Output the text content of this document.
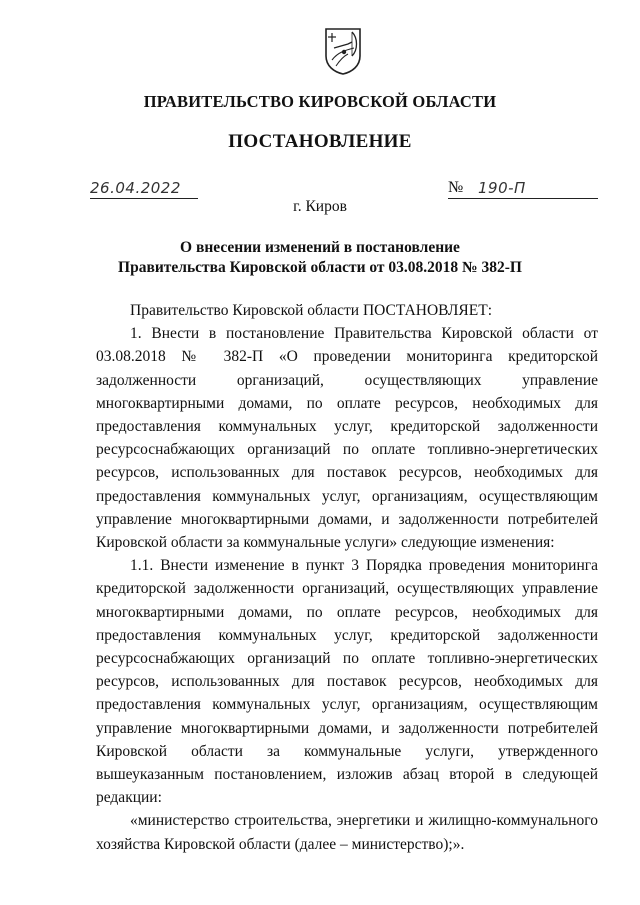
ПРАВИТЕЛЬСТВО КИРОВСКОЙ ОБЛАСТИ
ПОСТАНОВЛЕНИЕ
26.04.2022	№ 190-П
г. Киров
О внесении изменений в постановление
Правительства Кировской области от 03.08.2018 № 382-П

Правительство Кировской области ПОСТАНОВЛЯЕТ:

1. Внести в постановление Правительства Кировской области от 03.08.2018 № 382-П «О проведении мониторинга кредиторской задолженности организаций, осуществляющих управление многоквартирными домами, по оплате ресурсов, необходимых для предоставления коммунальных услуг, кредиторской задолженности ресурсоснабжающих организаций по оплате топливно-энергетических ресурсов, использованных для поставок ресурсов, необходимых для предоставления коммунальных услуг, организациям, осуществляющим управление многоквартирными домами, и задолженности потребителей Кировской области за коммунальные услуги» следующие изменения:

1.1. Внести изменение в пункт 3 Порядка проведения мониторинга кредиторской задолженности организаций, осуществляющих управление многоквартирными домами, по оплате ресурсов, необходимых для предоставления коммунальных услуг, кредиторской задолженности ресурсоснабжающих организаций по оплате топливно-энергетических ресурсов, использованных для поставок ресурсов, необходимых для предоставления коммунальных услуг, организациям, осуществляющим управление многоквартирными домами, и задолженности потребителей Кировской области за коммунальные услуги, утвержденного вышеуказанным постановлением, изложив абзац второй в следующей редакции:

«министерство строительства, энергетики и жилищно-коммунального хозяйства Кировской области (далее – министерство);».
